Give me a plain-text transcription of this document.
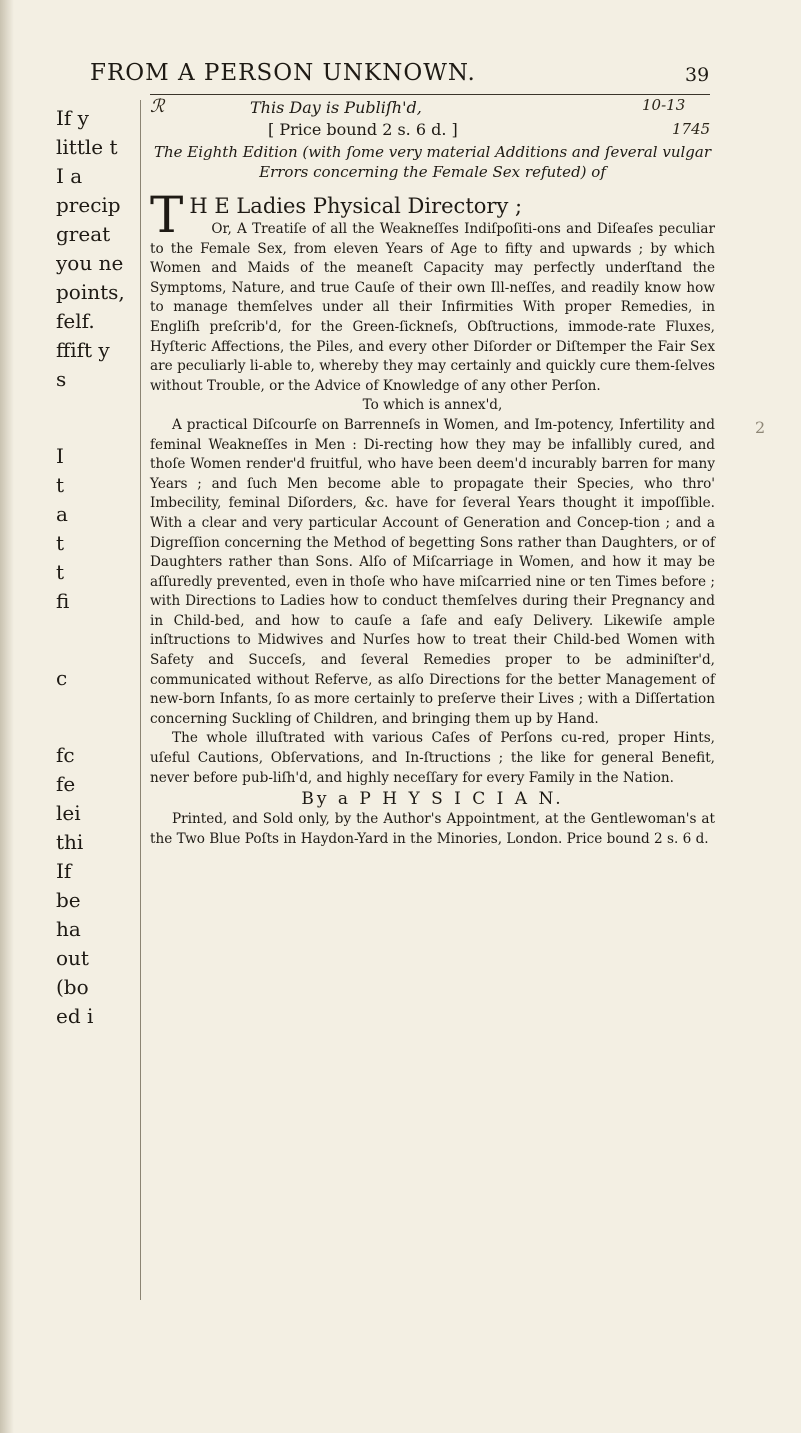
FROM A PERSON UNKNOWN.	39
If y
little t
I a
precip
great
you ne
points,
felf.
ffift y
s
I
t
a
t
t
fi
c
fc
fe
lei
thi
If
be
ha
out
(bo
ed i
ℛ	10-13
1745
2
This Day is Publiſh'd,
[ Price bound 2 s. 6 d. ]
The Eighth Edition (with ſome very material Additions and ſeveral vulgar Errors concerning the Female Sex refuted) of
T H E Ladies Physical Directory ;

Or, A Treatiſe of all the Weakneſſes Indiſpoſiti-ons and Diſeaſes peculiar to the Female Sex, from eleven Years of Age to fifty and upwards ; by which Women and Maids of the meaneſt Capacity may perfectly underſtand the Symptoms, Nature, and true Cauſe of their own Ill-neſſes, and readily know how to manage themſelves under all their Infirmities With proper Remedies, in Engliſh preſcrib'd, for the Green-ſickneſs, Obſtructions, immode-rate Fluxes, Hyſteric Affections, the Piles, and every other Diſorder or Diſtemper the Fair Sex are peculiarly li-able to, whereby they may certainly and quickly cure them-ſelves without Trouble, or the Advice of Knowledge of any other Perſon.

To which is annex'd,

A practical Diſcourſe on Barrenneſs in Women, and Im-potency, Infertility and feminal Weakneſſes in Men : Di-recting how they may be infallibly cured, and thoſe Women render'd fruitful, who have been deem'd incurably barren for many Years ; and ſuch Men become able to propagate their Species, who thro' Imbecility, feminal Diſorders, &c. have for ſeveral Years thought it impoſſible. With a clear and very particular Account of Generation and Concep-tion ; and a Digreſſion concerning the Method of begetting Sons rather than Daughters, or of Daughters rather than Sons. Alſo of Miſcarriage in Women, and how it may be aſſuredly prevented, even in thoſe who have miſcarried nine or ten Times before ; with Directions to Ladies how to conduct themſelves during their Pregnancy and in Child-bed, and how to cauſe a ſafe and eaſy Delivery. Likewiſe ample inſtructions to Midwives and Nurſes how to treat their Child-bed Women with Safety and Succeſs, and ſeveral Remedies proper to be adminiſter'd, communicated without Referve, as alſo Directions for the better Management of new-born Infants, ſo as more certainly to preſerve their Lives ; with a Diſſertation concerning Suckling of Children, and bringing them up by Hand.

The whole illuſtrated with various Caſes of Perſons cu-red, proper Hints, uſeful Cautions, Obſervations, and In-ſtructions ; the like for general Benefit, never before pub-liſh'd, and highly neceſſary for every Family in the Nation.

By a P H Y S I C I A N.

Printed, and Sold only, by the Author's Appointment, at the Gentlewoman's at the Two Blue Poſts in Haydon-Yard in the Minories, London. Price bound 2 s. 6 d.
